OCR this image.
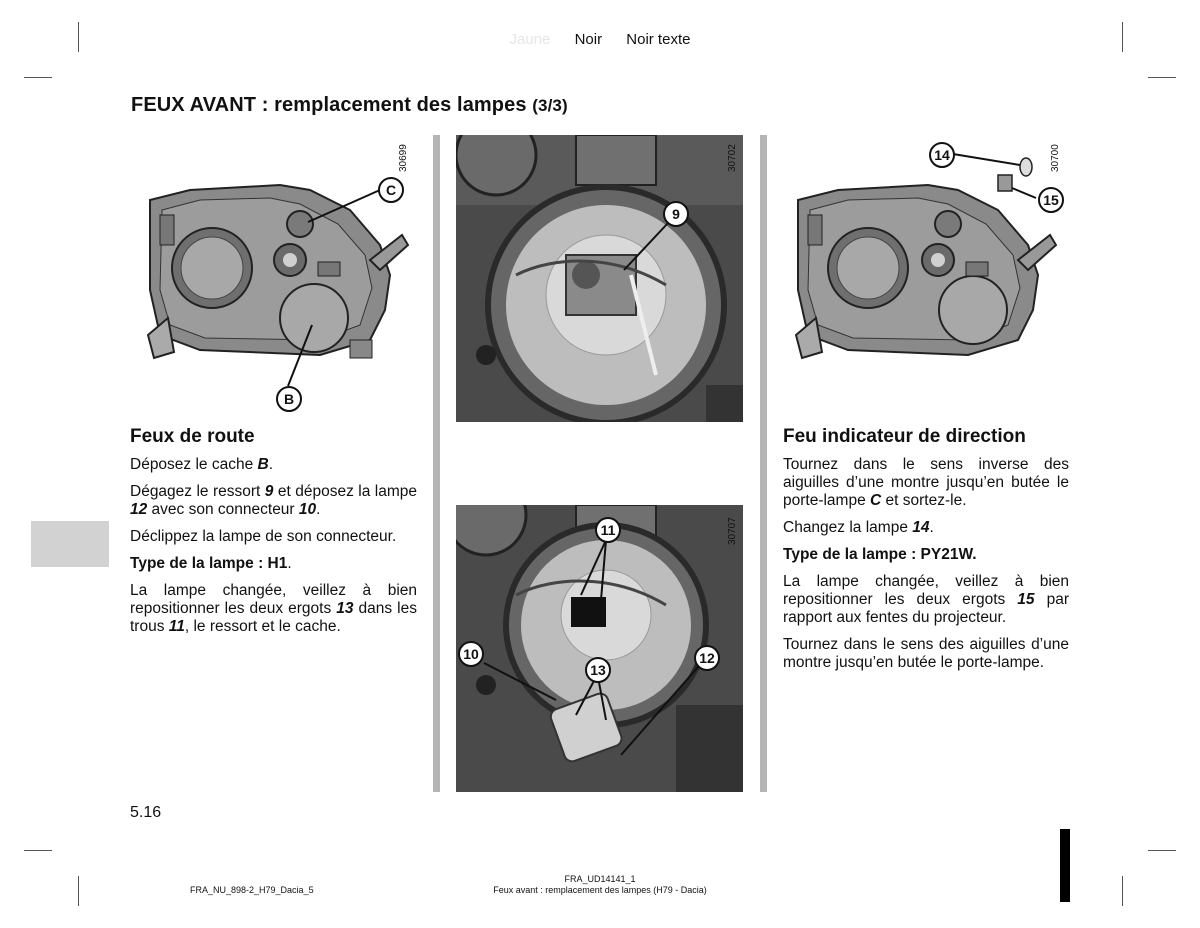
Jaune Noir Noir texte
FEUX AVANT : remplacement des lampes (3/3)
C
B
30699
9
30702
11
10
13
12
30707
14
15
30700
Feux de route

Déposez le cache B.

Dégagez le ressort 9 et déposez la lampe 12 avec son connecteur 10.

Déclippez la lampe de son connecteur.

Type de la lampe : H1.

La lampe changée, veillez à bien repositionner les deux ergots 13 dans les trous 11, le ressort et le cache.

Feu indicateur de direction

Tournez dans le sens inverse des aiguilles d’une montre jusqu’en butée le porte-lampe C et sortez-le.

Changez la lampe 14.

Type de la lampe : PY21W.

La lampe changée, veillez à bien repositionner les deux ergots 15 par rapport aux fentes du projecteur.

Tournez dans le sens des aiguilles d’une montre jusqu’en butée le porte-lampe.

5.16
FRA_NU_898-2_H79_Dacia_5
FRA_UD14141_1
Feux avant : remplacement des lampes (H79 - Dacia)
